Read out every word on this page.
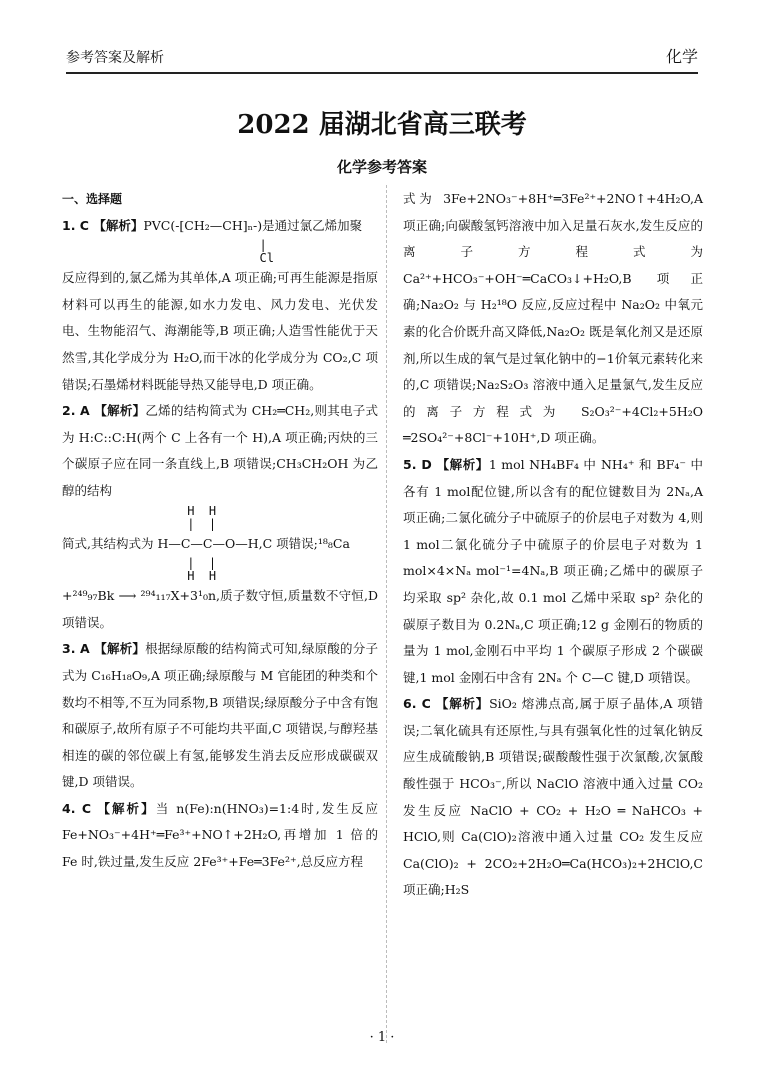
参考答案及解析	化学
2022 届湖北省高三联考
化学参考答案

一、选择题

1. C 【解析】PVC(-[CH₂—CH]ₙ-)是通过氯乙烯加聚

|
Cl

反应得到的,氯乙烯为其单体,A 项正确;可再生能源是指原材料可以再生的能源,如水力发电、风力发电、光伏发电、生物能沼气、海潮能等,B 项正确;人造雪性能优于天然雪,其化学成分为 H₂O,而干冰的化学成分为 CO₂,C 项错误;石墨烯材料既能导热又能导电,D 项正确。

2. A 【解析】乙烯的结构简式为 CH₂═CH₂,则其电子式为 H:C::C:H(两个 C 上各有一个 H),A 项正确;丙炔的三个碳原子应在同一条直线上,B 项错误;CH₃CH₂OH 为乙醇的结构

H  H
|  |

简式,其结构式为 H—C—C—O—H,C 项错误;¹⁸₈Ca

|  |
H  H

+²⁴⁹₉₇Bk ⟶ ²⁹⁴₁₁₇X+3¹₀n,质子数守恒,质量数不守恒,D 项错误。

3. A 【解析】根据绿原酸的结构简式可知,绿原酸的分子式为 C₁₆H₁₈O₉,A 项正确;绿原酸与 M 官能团的种类和个数均不相等,不互为同系物,B 项错误;绿原酸分子中含有饱和碳原子,故所有原子不可能均共平面,C 项错误,与醇羟基相连的碳的邻位碳上有氢,能够发生消去反应形成碳碳双键,D 项错误。

4. C 【解析】当 n(Fe):n(HNO₃)=1:4时,发生反应 Fe+NO₃⁻+4H⁺═Fe³⁺+NO↑+2H₂O,再增加 1 倍的 Fe 时,铁过量,发生反应 2Fe³⁺+Fe═3Fe²⁺,总反应方程

式为 3Fe+2NO₃⁻+8H⁺═3Fe²⁺+2NO↑+4H₂O,A 项正确;向碳酸氢钙溶液中加入足量石灰水,发生反应的离子方程式为 Ca²⁺+HCO₃⁻+OH⁻═CaCO₃↓+H₂O,B 项正确;Na₂O₂ 与 H₂¹⁸O 反应,反应过程中 Na₂O₂ 中氧元素的化合价既升高又降低,Na₂O₂ 既是氧化剂又是还原剂,所以生成的氧气是过氧化钠中的−1价氧元素转化来的,C 项错误;Na₂S₂O₃ 溶液中通入足量氯气,发生反应的离子方程式为 S₂O₃²⁻+4Cl₂+5H₂O ═2SO₄²⁻+8Cl⁻+10H⁺,D 项正确。

5. D 【解析】1 mol NH₄BF₄ 中 NH₄⁺ 和 BF₄⁻ 中各有 1 mol配位键,所以含有的配位键数目为 2Nₐ,A 项正确;二氯化硫分子中硫原子的价层电子对数为 4,则 1 mol二氯化硫分子中硫原子的价层电子对数为 1 mol×4×Nₐ mol⁻¹=4Nₐ,B 项正确;乙烯中的碳原子均采取 sp² 杂化,故 0.1 mol 乙烯中采取 sp² 杂化的碳原子数目为 0.2Nₐ,C 项正确;12 g 金刚石的物质的量为 1 mol,金刚石中平均 1 个碳原子形成 2 个碳碳键,1 mol 金刚石中含有 2Nₐ 个 C—C 键,D 项错误。

6. C 【解析】SiO₂ 熔沸点高,属于原子晶体,A 项错误;二氧化硫具有还原性,与具有强氧化性的过氧化钠反应生成硫酸钠,B 项错误;碳酸酸性强于次氯酸,次氯酸酸性强于 HCO₃⁻,所以 NaClO 溶液中通入过量 CO₂ 发生反应 NaClO + CO₂ + H₂O ═ NaHCO₃ + HClO,则 Ca(ClO)₂溶液中通入过量 CO₂ 发生反应 Ca(ClO)₂ + 2CO₂+2H₂O═Ca(HCO₃)₂+2HClO,C 项正确;H₂S

· 1 ·
